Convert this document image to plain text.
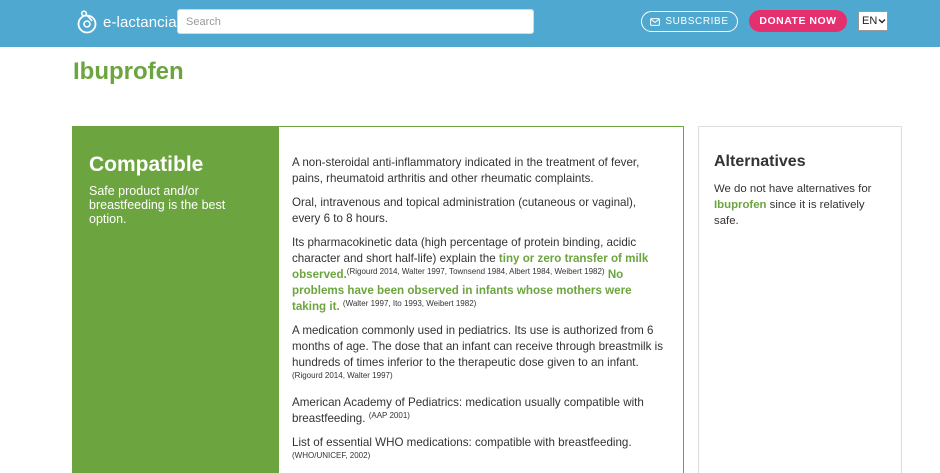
e-lactancia
Search	SUBSCRIBE	DONATE NOW	EN
Ibuprofen
Compatible
Safe product and/or breastfeeding is the best option.

A non-steroidal anti-inflammatory indicated in the treatment of fever, pains, rheumatoid arthritis and other rheumatic complaints.

Oral, intravenous and topical administration (cutaneous or vaginal), every 6 to 8 hours.

Its pharmacokinetic data (high percentage of protein binding, acidic character and short half-life) explain the tiny or zero transfer of milk observed.$^{(Rigourd 2014, Walter 1997, Townsend 1984, Albert 1984, Weibert 1982)}$ No problems have been observed in infants whose mothers were taking it. $^{(Walter 1997, Ito 1993, Weibert 1982)}$

A medication commonly used in pediatrics. Its use is authorized from 6 months of age. The dose that an infant can receive through breastmilk is hundreds of times inferior to the therapeutic dose given to an infant. $^{(Rigourd 2014, Walter 1997)}$

American Academy of Pediatrics: medication usually compatible with breastfeeding. $^{(AAP 2001)}$

List of essential WHO medications: compatible with breastfeeding. $^{(WHO/UNICEF, 2002)}$

Alternatives
We do not have alternatives for Ibuprofen since it is relatively safe.
